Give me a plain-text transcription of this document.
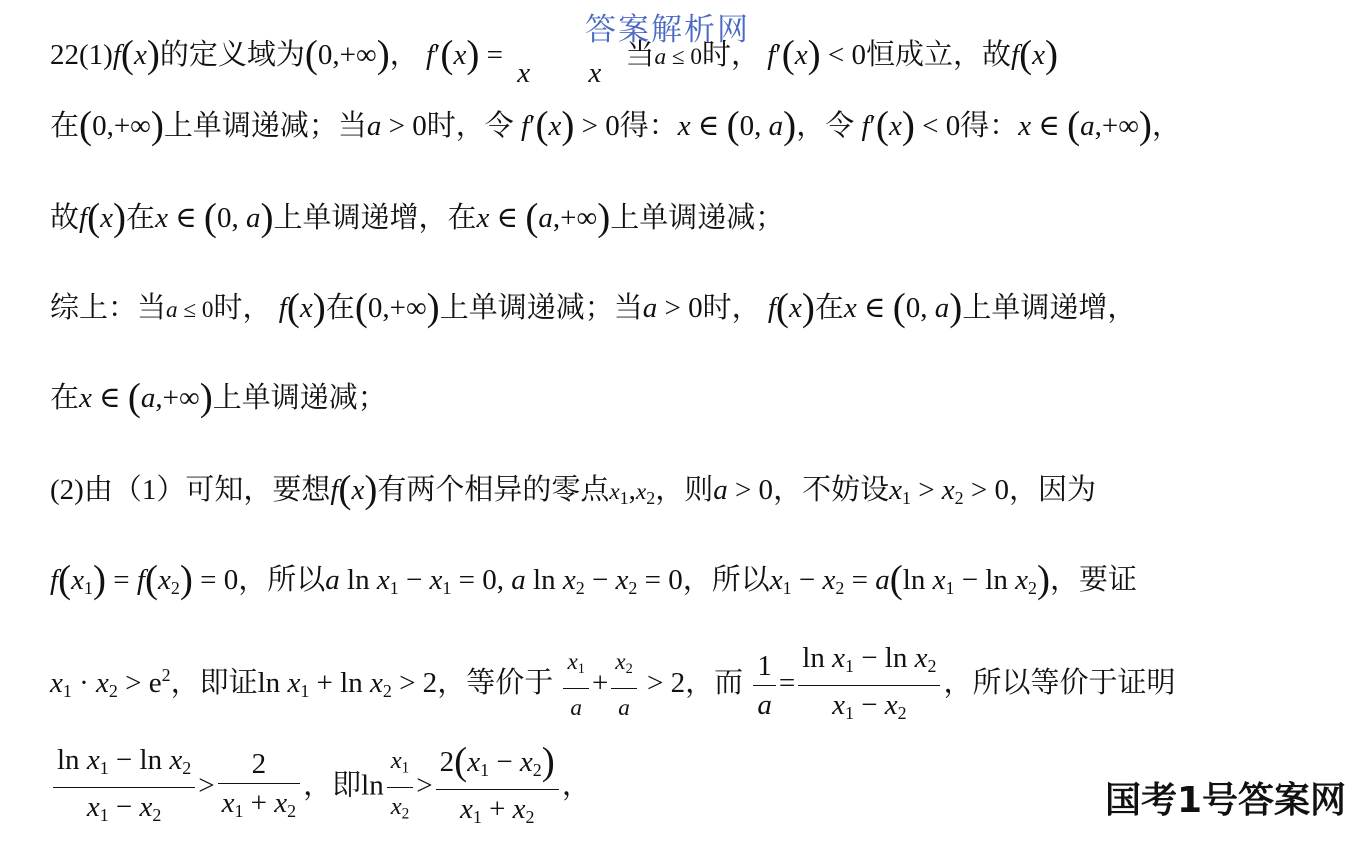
22(1)f(x)的定义域为(0,+∞)， f′(x) =

x

x
当a ≤ 0时， f′(x) < 0恒成立，故f(x)
在(0,+∞)上单调递减；当a > 0时，令 f′(x) > 0得：x ∈ (0, a)，令 f′(x) < 0得：x ∈ (a,+∞)，
故f(x)在x ∈ (0, a)上单调递增，在x ∈ (a,+∞)上单调递减；
综上：当a ≤ 0时， f(x)在(0,+∞)上单调递减；当a > 0时， f(x)在x ∈ (0, a)上单调递增，
在x ∈ (a,+∞)上单调递减；
(2)由（1）可知，要想f(x)有两个相异的零点$x_1,x_2$，则a > 0，不妨设$x_1 > x_2 > 0$，因为
$f(x_1) = f(x_2) = 0$，所以a $\ln x_1 - x_1 = 0$, a $\ln x_2 - x_2 = 0$，所以$x_1 - x_2 = a(\ln$ $x_1 - \ln x_2$)，要证
$x_1 \cdot x_2 > e^2$，即证$\ln x_1 + \ln x_2 > 2$，等价于 $\frac{x_1}{a} + \frac{x_2}{a} > 2$，而 $\frac{1}{a} = \frac{\ln x_1 - \ln x_2}{x_1 - x_2}$ ，所以等价于证明
$\frac{\ln x_1 - \ln x_2}{x_1 - x_2} > \frac{2}{x_1 + x_2}$ ，即$\ln \frac{x_1}{x_2} > \frac{2(x_1 - x_2)}{x_1 + x_2}$ ，
答案解析网
国考1号答案网
